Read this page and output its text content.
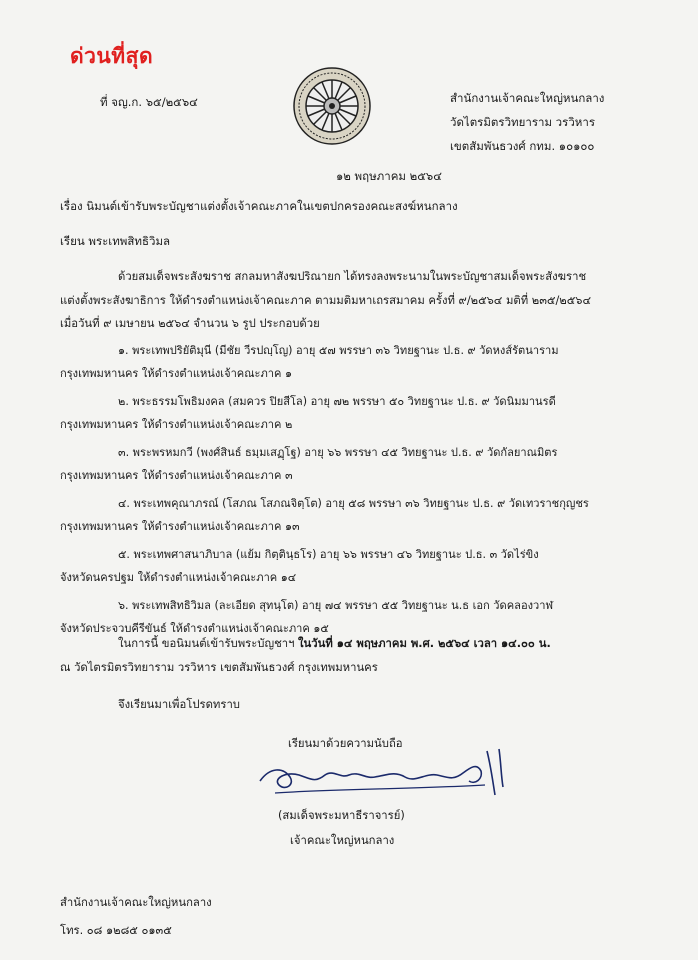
ด่วนที่สุด
ที่ จญ.ก. ๖๕/๒๕๖๔	สำนักงานเจ้าคณะใหญ่หนกลาง
วัดไตรมิตรวิทยาราม วรวิหาร
เขตสัมพันธวงศ์ กทม. ๑๐๑๐๐
๑๒ พฤษภาคม ๒๕๖๔
เรื่อง นิมนต์เข้ารับพระบัญชาแต่งตั้งเจ้าคณะภาคในเขตปกครองคณะสงฆ์หนกลาง
เรียน พระเทพสิทธิวิมล

ด้วยสมเด็จพระสังฆราช สกลมหาสังฆปริณายก ได้ทรงลงพระนามในพระบัญชาสมเด็จพระสังฆราช

แต่งตั้งพระสังฆาธิการ ให้ดำรงตำแหน่งเจ้าคณะภาค ตามมติมหาเถรสมาคม ครั้งที่ ๙/๒๕๖๔ มติที่ ๒๓๕/๒๕๖๔

เมื่อวันที่ ๙ เมษายน ๒๕๖๔ จำนวน ๖ รูป ประกอบด้วย

๑. พระเทพปริยัติมุนี (มีชัย วีรปญฺโญ) อายุ ๕๗ พรรษา ๓๖ วิทยฐานะ ป.ธ. ๙ วัดหงส์รัตนาราม
กรุงเทพมหานคร ให้ดำรงตำแหน่งเจ้าคณะภาค ๑
๒. พระธรรมโพธิมงคล (สมควร ปิยสีโล) อายุ ๗๒ พรรษา ๕๐ วิทยฐานะ ป.ธ. ๙ วัดนิมมานรดี
กรุงเทพมหานคร ให้ดำรงตำแหน่งเจ้าคณะภาค ๒
๓. พระพรหมกวี (พงศ์สินธ์ ธมฺมเสฏฺโฐ) อายุ ๖๖ พรรษา ๔๕ วิทยฐานะ ป.ธ. ๙ วัดกัลยาณมิตร
กรุงเทพมหานคร ให้ดำรงตำแหน่งเจ้าคณะภาค ๓
๔. พระเทพคุณาภรณ์ (โสภณ โสภณจิตฺโต) อายุ ๕๘ พรรษา ๓๖ วิทยฐานะ ป.ธ. ๙ วัดเทวราชกุญชร
กรุงเทพมหานคร ให้ดำรงตำแหน่งเจ้าคณะภาค ๑๓
๕. พระเทพศาสนาภิบาล (แย้ม กิตฺตินฺธโร) อายุ ๖๖ พรรษา ๔๖ วิทยฐานะ ป.ธ. ๓ วัดไร่ขิง
จังหวัดนครปฐม ให้ดำรงตำแหน่งเจ้าคณะภาค ๑๔
๖. พระเทพสิทธิวิมล (ละเอียด สุทนฺโต) อายุ ๗๔ พรรษา ๕๕ วิทยฐานะ น.ธ เอก วัดคลองวาฬ
จังหวัดประจวบคีรีขันธ์ ให้ดำรงตำแหน่งเจ้าคณะภาค ๑๕
ในการนี้ ขอนิมนต์เข้ารับพระบัญชาฯ ในวันที่ ๑๔ พฤษภาคม พ.ศ. ๒๕๖๔ เวลา ๑๔.๐๐ น.
ณ วัดไตรมิตรวิทยาราม วรวิหาร เขตสัมพันธวงศ์ กรุงเทพมหานคร
จึงเรียนมาเพื่อโปรดทราบ
เรียนมาด้วยความนับถือ
(สมเด็จพระมหาธีราจารย์)
เจ้าคณะใหญ่หนกลาง
สำนักงานเจ้าคณะใหญ่หนกลาง
โทร. ๐๘ ๑๒๘๕ ๐๑๓๕
